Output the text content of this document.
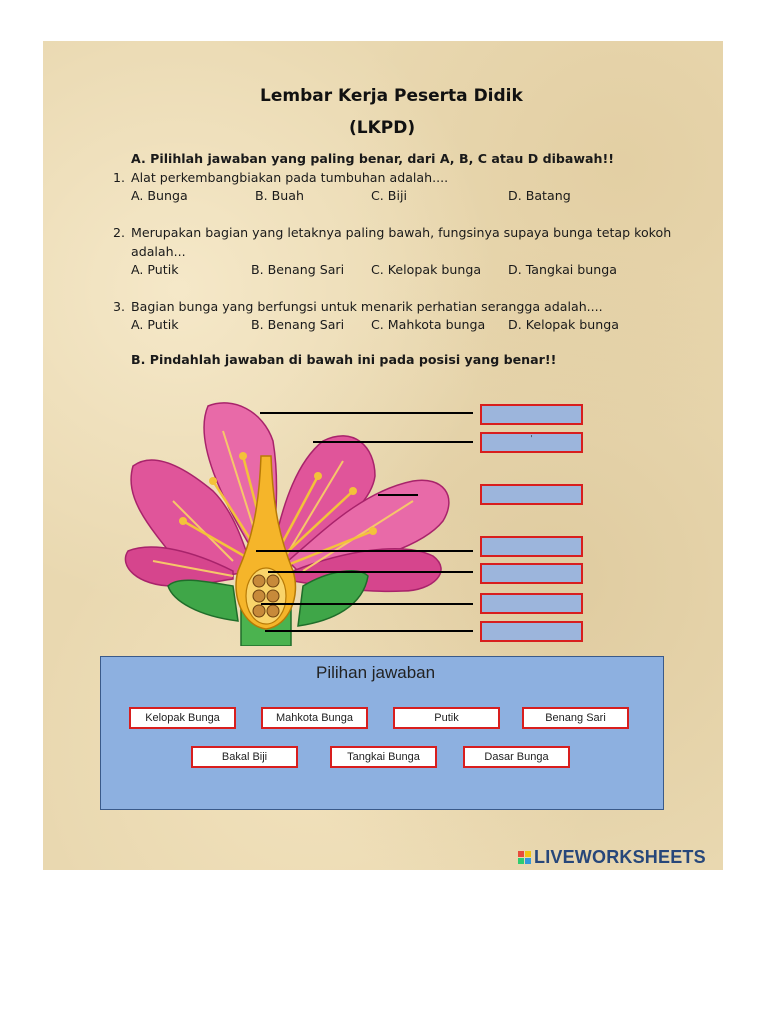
Lembar Kerja Peserta Didik
(LKPD)
A. Pilihlah jawaban yang paling benar, dari A, B, C atau D dibawah!!
1. Alat perkembangbiakan pada tumbuhan adalah....
A. Bunga	B. Buah	C. Biji	D. Batang
2. Merupakan bagian yang letaknya paling bawah, fungsinya supaya bunga tetap kokoh
adalah...
A. Putik	B. Benang Sari C. Kelopak bunga D. Tangkai bunga
3. Bagian bunga yang berfungsi untuk menarik perhatian serangga adalah....
A. Putik	B. Benang Sari C. Mahkota bunga D. Kelopak bunga
B. Pindahlah jawaban di bawah ini pada posisi yang benar!!
'
Pilihan jawaban
Kelopak Bunga	Mahkota Bunga	Putik	Benang Sari
Bakal Biji	Tangkai Bunga	Dasar Bunga
LIVEWORKSHEETS
